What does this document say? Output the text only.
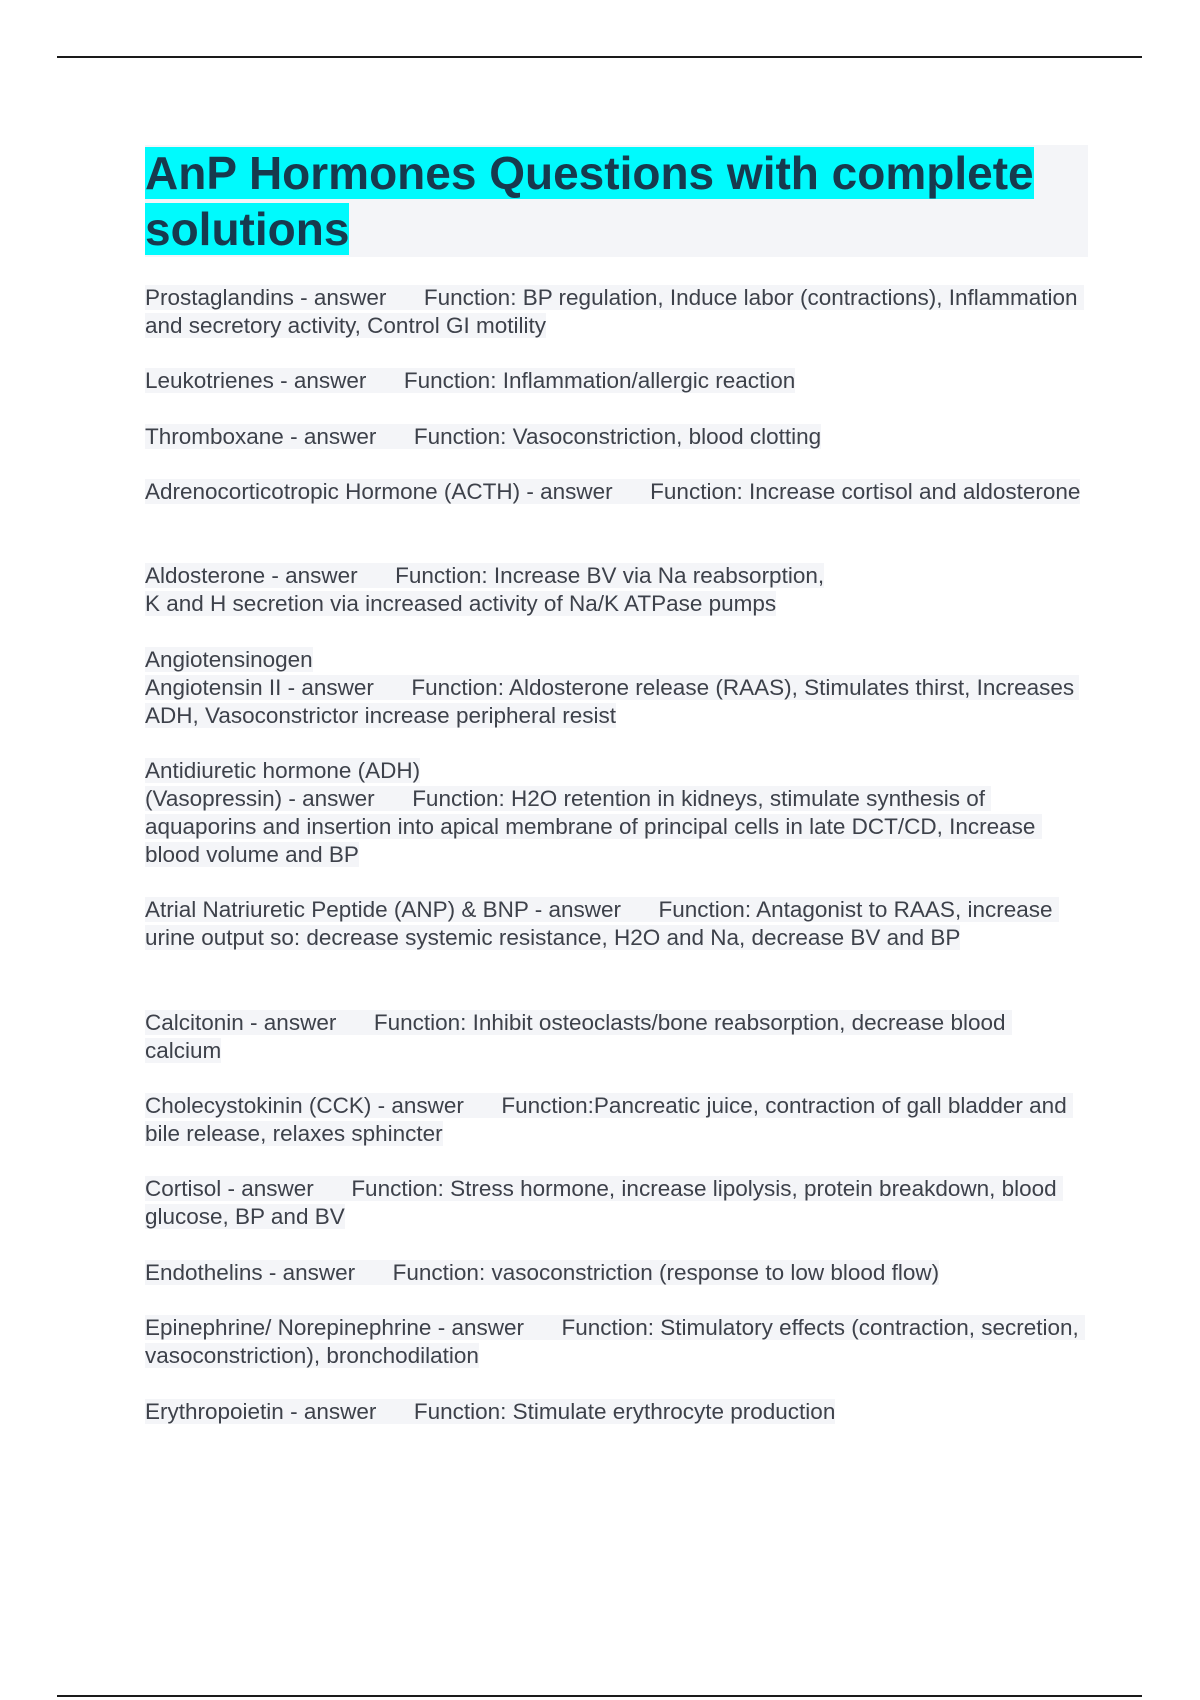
AnP Hormones Questions with complete solutions
Prostaglandins - answer Function: BP regulation, Induce labor (contractions), Inflammation and secretory activity, Control GI motility
Leukotrienes - answer Function: Inflammation/allergic reaction
Thromboxane - answer Function: Vasoconstriction, blood clotting
Adrenocorticotropic Hormone (ACTH) - answer Function: Increase cortisol and aldosterone
Aldosterone - answer Function: Increase BV via Na reabsorption,
K and H secretion via increased activity of Na/K ATPase pumps
Angiotensinogen
Angiotensin II - answer Function: Aldosterone release (RAAS), Stimulates thirst, Increases ADH, Vasoconstrictor increase peripheral resist
Antidiuretic hormone (ADH)
(Vasopressin) - answer Function: H2O retention in kidneys, stimulate synthesis of aquaporins and insertion into apical membrane of principal cells in late DCT/CD, Increase blood volume and BP
Atrial Natriuretic Peptide (ANP) & BNP - answer Function: Antagonist to RAAS, increase urine output so: decrease systemic resistance, H2O and Na, decrease BV and BP
Calcitonin - answer Function: Inhibit osteoclasts/bone reabsorption, decrease blood calcium
Cholecystokinin (CCK) - answer Function:Pancreatic juice, contraction of gall bladder and bile release, relaxes sphincter
Cortisol - answer Function: Stress hormone, increase lipolysis, protein breakdown, blood glucose, BP and BV
Endothelins - answer Function: vasoconstriction (response to low blood flow)
Epinephrine/ Norepinephrine - answer Function: Stimulatory effects (contraction, secretion, vasoconstriction), bronchodilation
Erythropoietin - answer Function: Stimulate erythrocyte production
